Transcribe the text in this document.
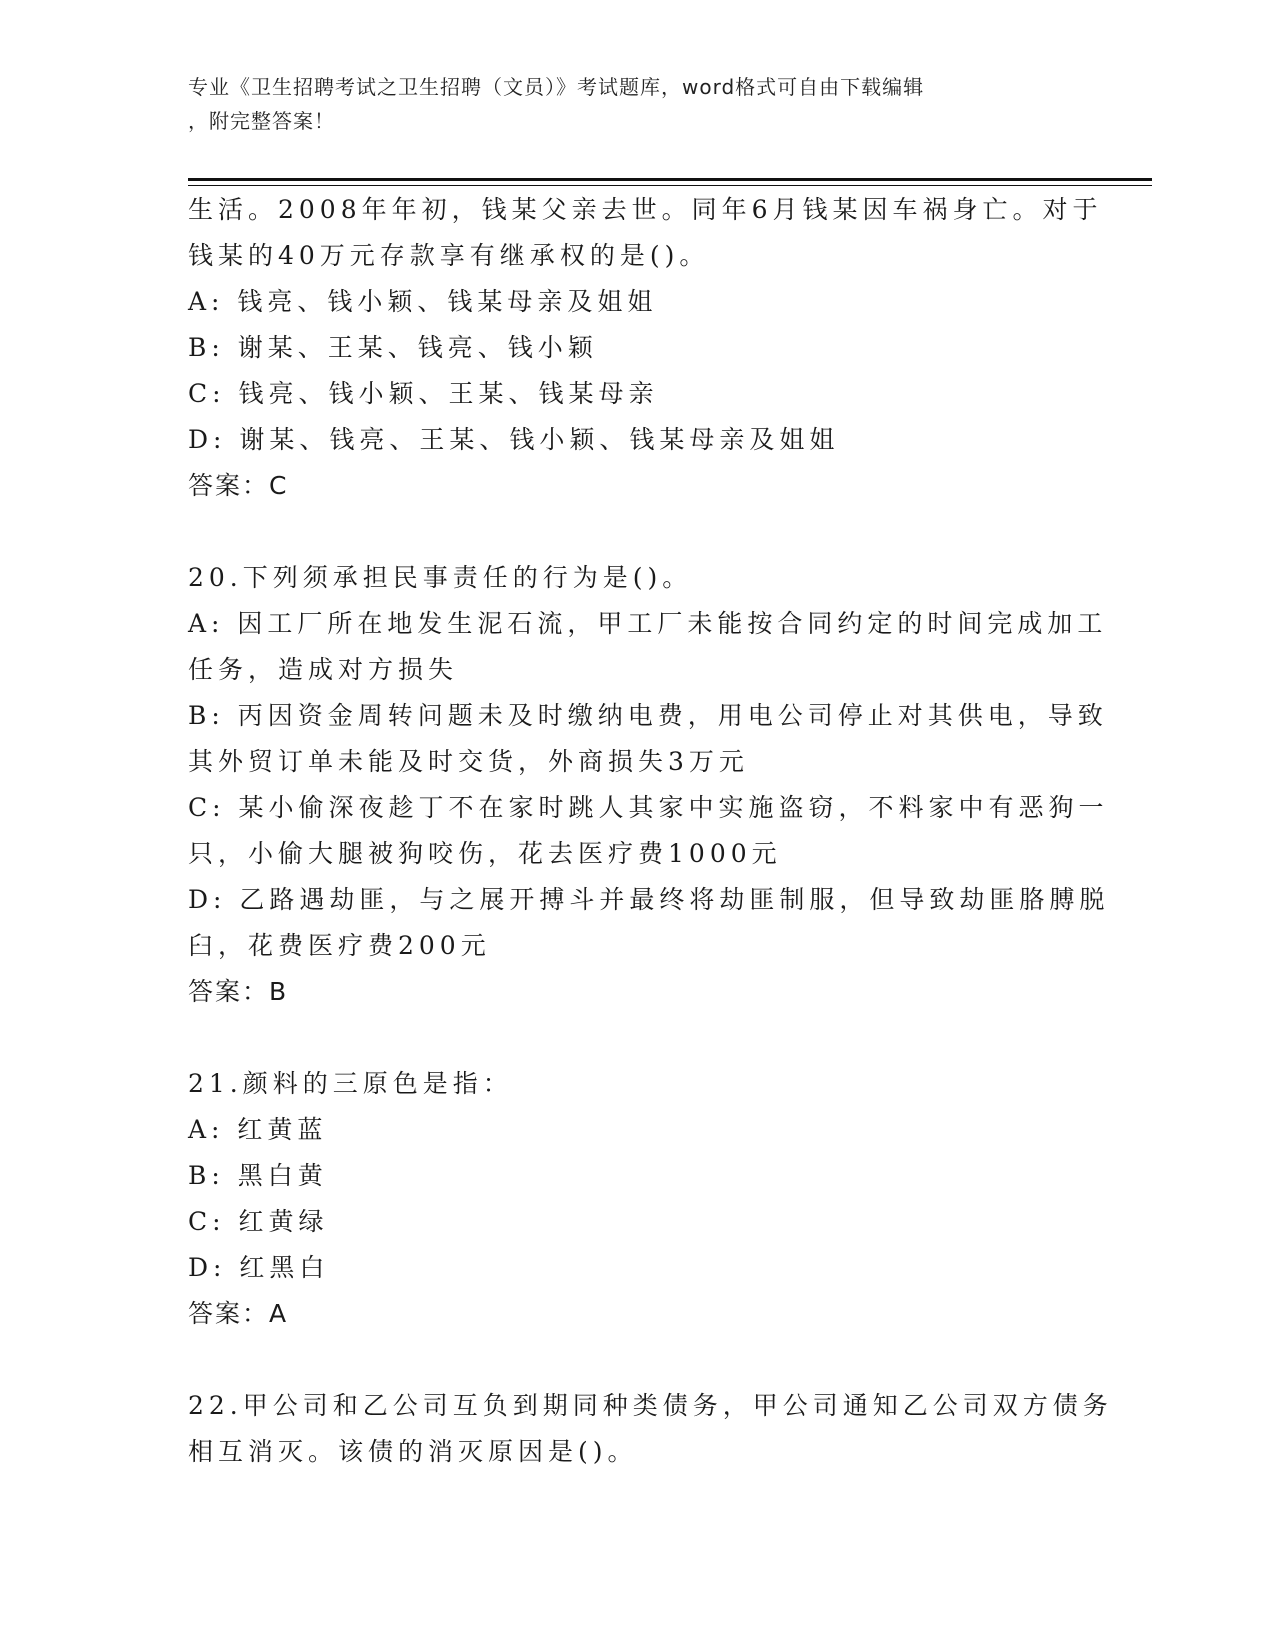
专业《卫生招聘考试之卫生招聘（文员）》考试题库，word格式可自由下载编辑
，附完整答案！
生活。2008年年初，钱某父亲去世。同年6月钱某因车祸身亡。对于
钱某的40万元存款享有继承权的是()。
A: 钱亮、钱小颖、钱某母亲及姐姐
B: 谢某、王某、钱亮、钱小颖
C: 钱亮、钱小颖、王某、钱某母亲
D: 谢某、钱亮、王某、钱小颖、钱某母亲及姐姐
答案：C
20.下列须承担民事责任的行为是()。
A: 因工厂所在地发生泥石流，甲工厂未能按合同约定的时间完成加工
任务，造成对方损失
B: 丙因资金周转问题未及时缴纳电费，用电公司停止对其供电，导致
其外贸订单未能及时交货，外商损失3万元
C: 某小偷深夜趁丁不在家时跳人其家中实施盗窃，不料家中有恶狗一
只，小偷大腿被狗咬伤，花去医疗费1000元
D: 乙路遇劫匪，与之展开搏斗并最终将劫匪制服，但导致劫匪胳膊脱
臼，花费医疗费200元
答案：B
21.颜料的三原色是指：
A: 红黄蓝
B: 黑白黄
C: 红黄绿
D: 红黑白
答案：A
22.甲公司和乙公司互负到期同种类债务，甲公司通知乙公司双方债务
相互消灭。该债的消灭原因是()。
